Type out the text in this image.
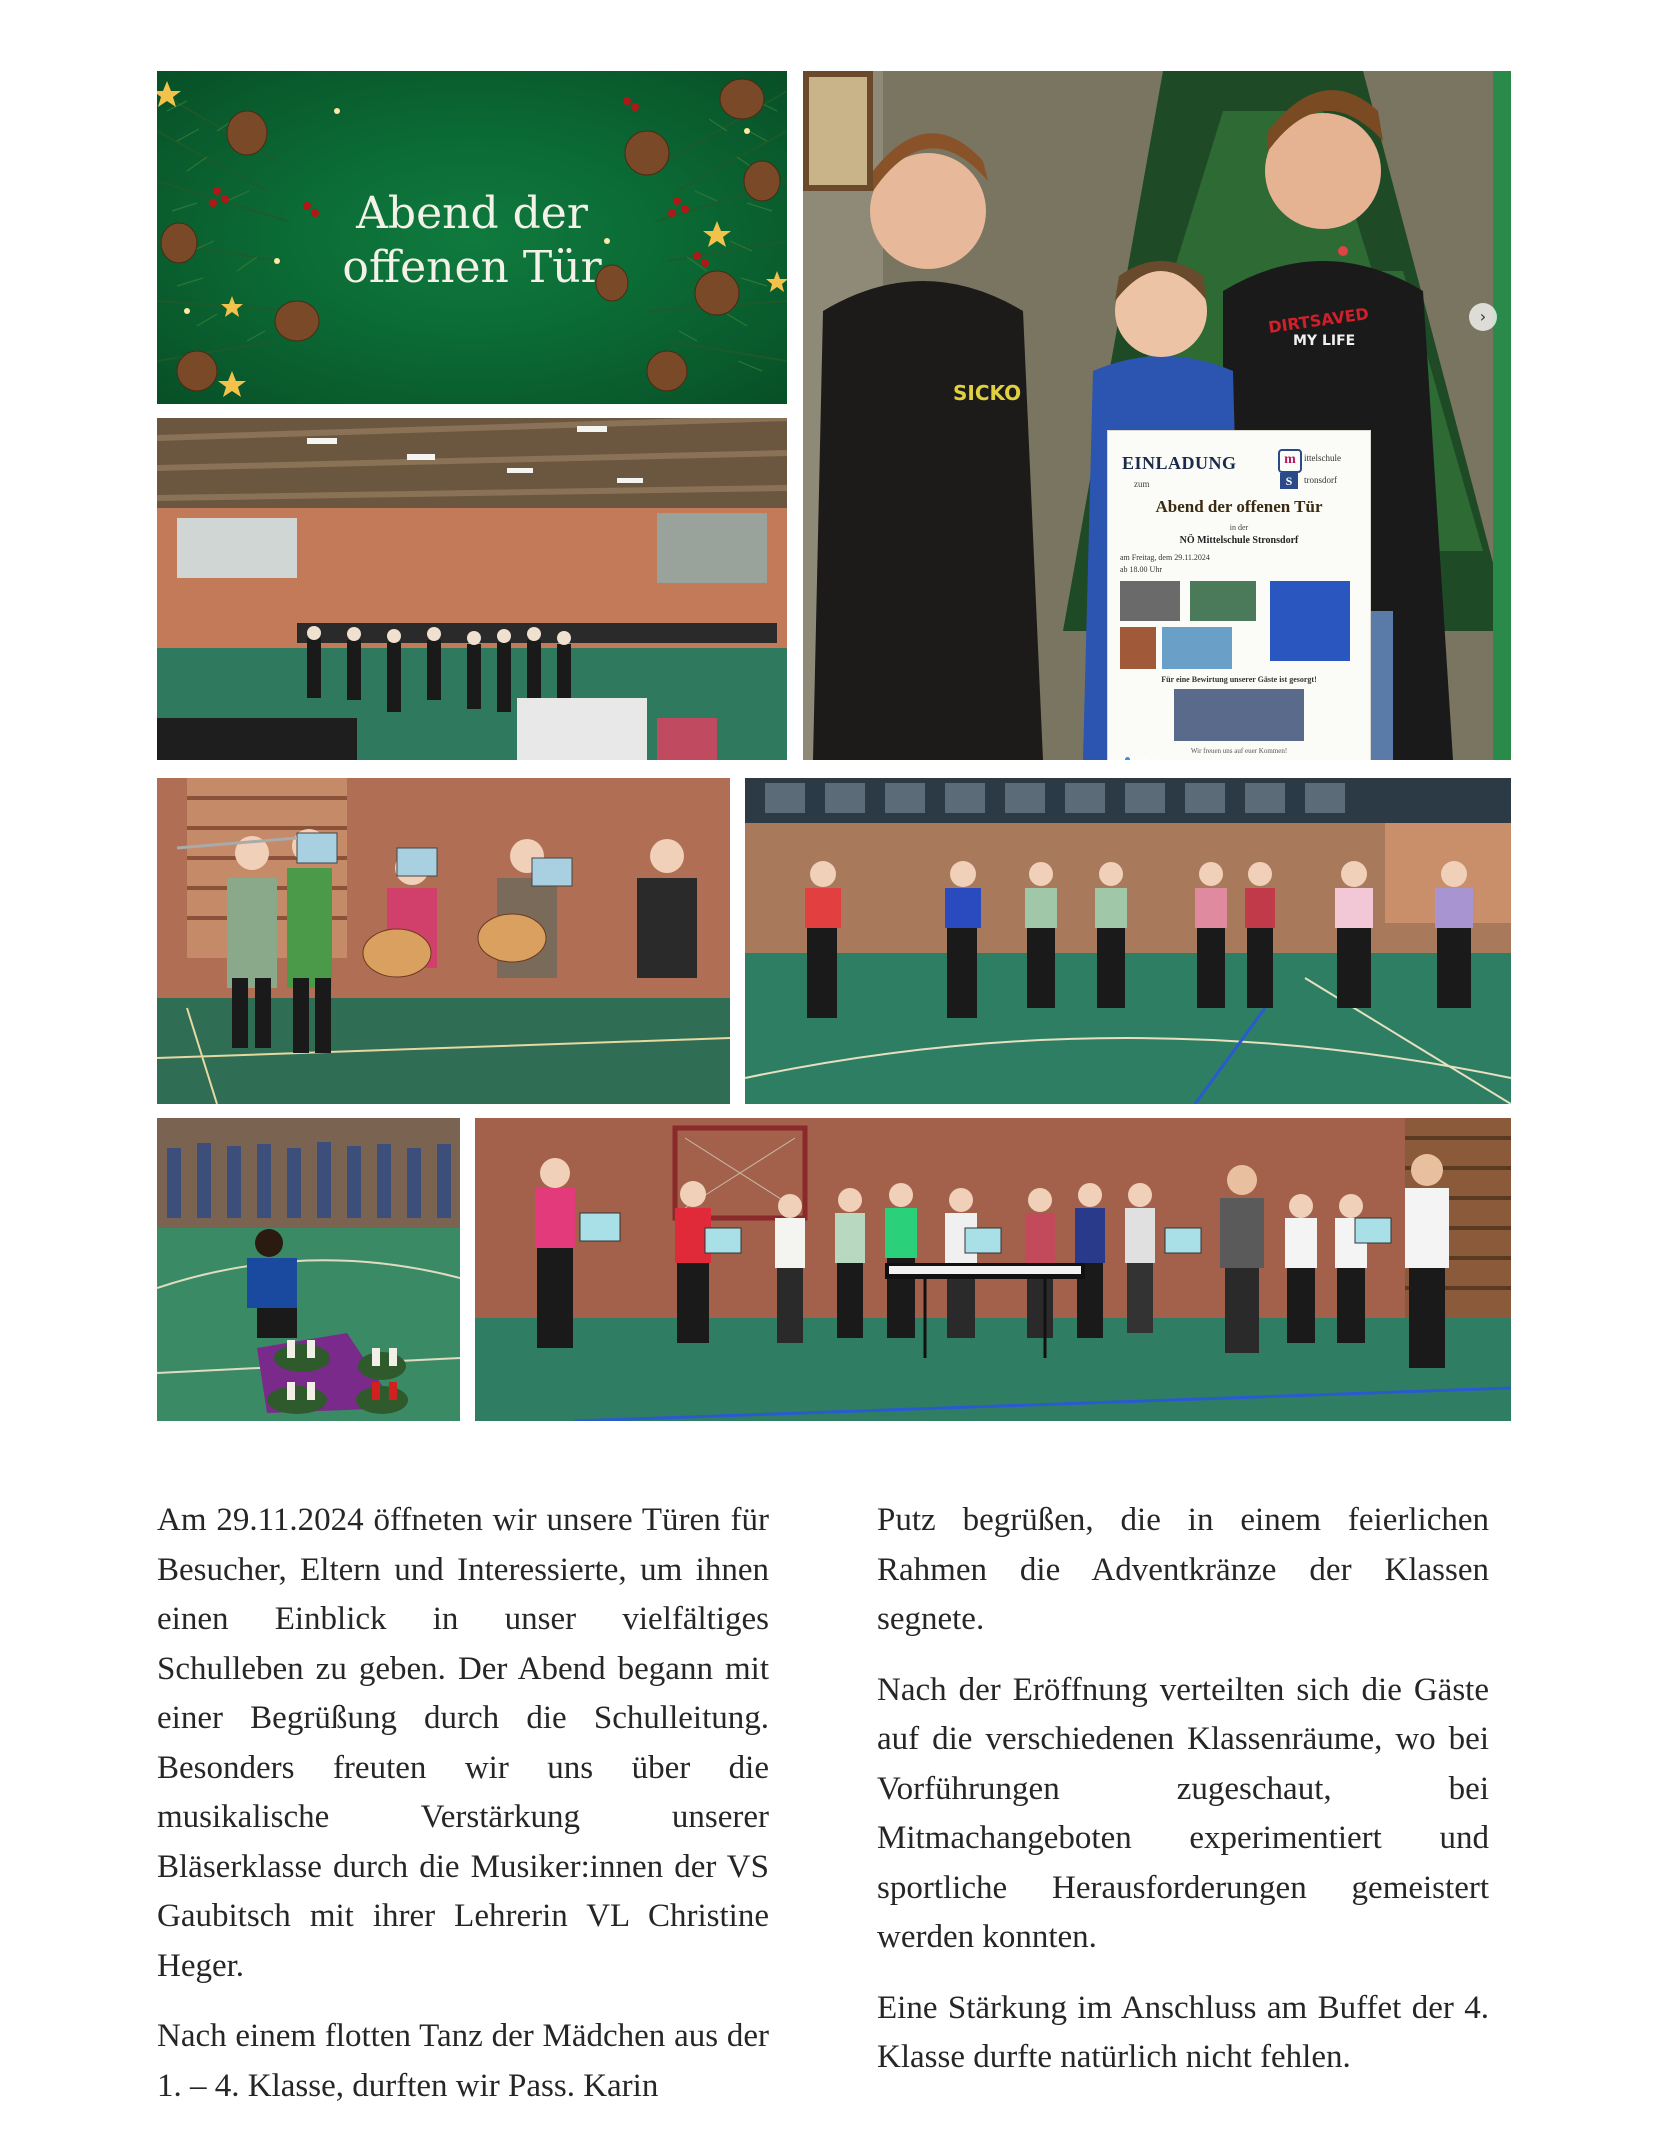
Abend der
offenen Tür
SICKO
DIRTSAVED
MY LIFE
EINLADUNG
zum
m
S
ittelschule
tronsdorf
Abend der offenen Tür
in der
NÖ Mittelschule Stronsdorf
am Freitag, dem 29.11.2024
ab 18.00 Uhr
Für eine Bewirtung unserer Gäste ist gesorgt!
Wir freuen uns auf euer Kommen!
›

Am 29.11.2024 öffneten wir unsere Türen für Besucher, Eltern und Interessierte, um ihnen einen Einblick in unser vielfältiges Schulleben zu geben. Der Abend begann mit einer Begrüßung durch die Schulleitung. Besonders freuten wir uns über die musikalische Verstärkung unserer Bläserklasse durch die Musiker:innen der VS Gaubitsch mit ihrer Lehrerin VL Christine Heger.

Nach einem flotten Tanz der Mädchen aus der 1. – 4. Klasse, durften wir Pass. Karin

Putz begrüßen, die in einem feierlichen Rahmen die Adventkränze der Klassen segnete.

Nach der Eröffnung verteilten sich die Gäste auf die verschiedenen Klassenräume, wo bei Vorführungen zugeschaut, bei Mitmachangeboten experimentiert und sportliche Herausforderungen gemeistert werden konnten.

Eine Stärkung im Anschluss am Buffet der 4. Klasse durfte natürlich nicht fehlen.
